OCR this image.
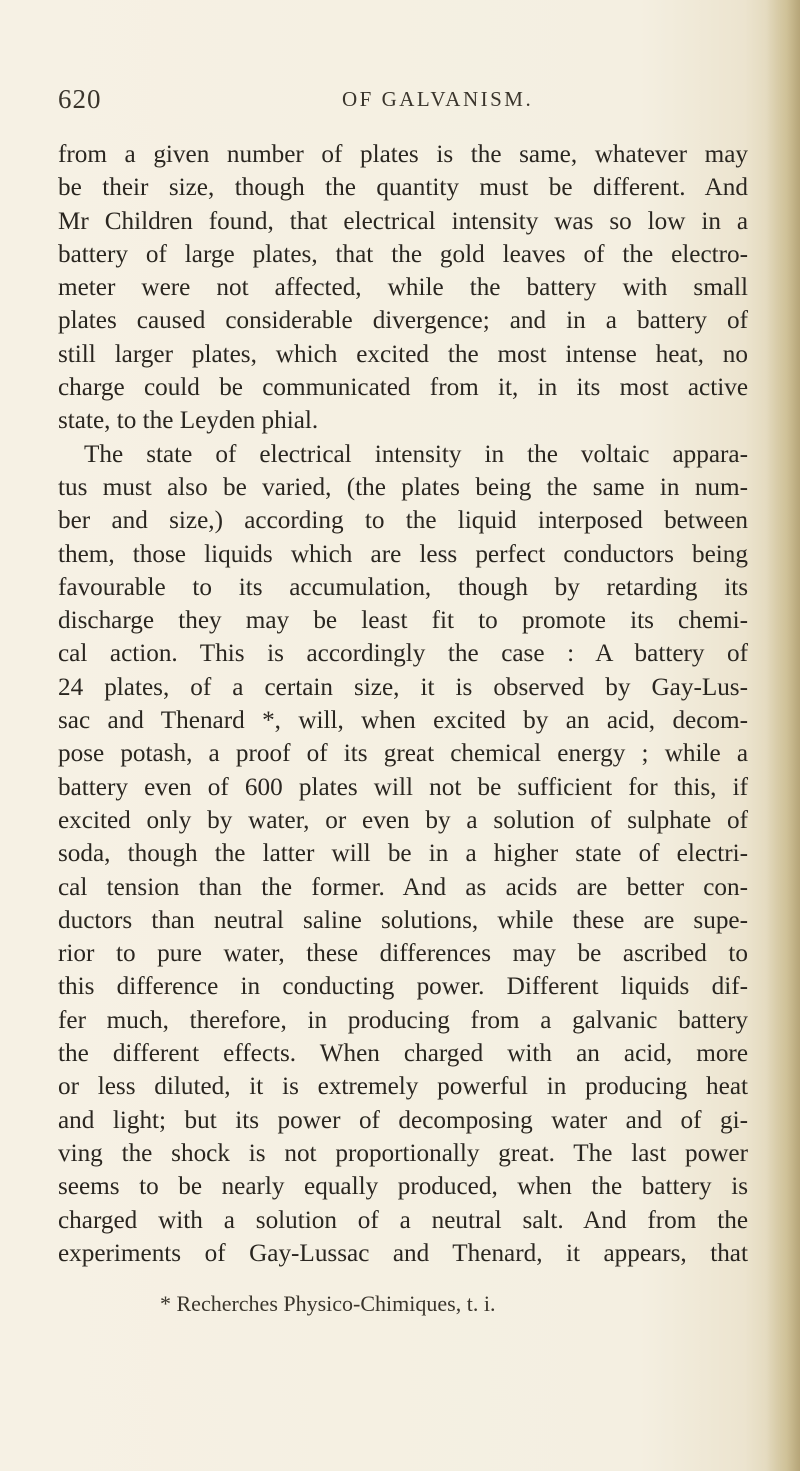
620	OF GALVANISM.
from a given number of plates is the same, whatever may
be their size, though the quantity must be different. And
Mr Children found, that electrical intensity was so low in a
battery of large plates, that the gold leaves of the electro-
meter were not affected, while the battery with small
plates caused considerable divergence; and in a battery of
still larger plates, which excited the most intense heat, no
charge could be communicated from it, in its most active
state, to the Leyden phial.
The state of electrical intensity in the voltaic appara-
tus must also be varied, (the plates being the same in num-
ber and size,) according to the liquid interposed between
them, those liquids which are less perfect conductors being
favourable to its accumulation, though by retarding its
discharge they may be least fit to promote its chemi-
cal action. This is accordingly the case : A battery of
24 plates, of a certain size, it is observed by Gay-Lus-
sac and Thenard *, will, when excited by an acid, decom-
pose potash, a proof of its great chemical energy ; while a
battery even of 600 plates will not be sufficient for this, if
excited only by water, or even by a solution of sulphate of
soda, though the latter will be in a higher state of electri-
cal tension than the former. And as acids are better con-
ductors than neutral saline solutions, while these are supe-
rior to pure water, these differences may be ascribed to
this difference in conducting power. Different liquids dif-
fer much, therefore, in producing from a galvanic battery
the different effects. When charged with an acid, more
or less diluted, it is extremely powerful in producing heat
and light; but its power of decomposing water and of gi-
ving the shock is not proportionally great. The last power
seems to be nearly equally produced, when the battery is
charged with a solution of a neutral salt. And from the
experiments of Gay-Lussac and Thenard, it appears, that
* Recherches Physico-Chimiques, t. i.
